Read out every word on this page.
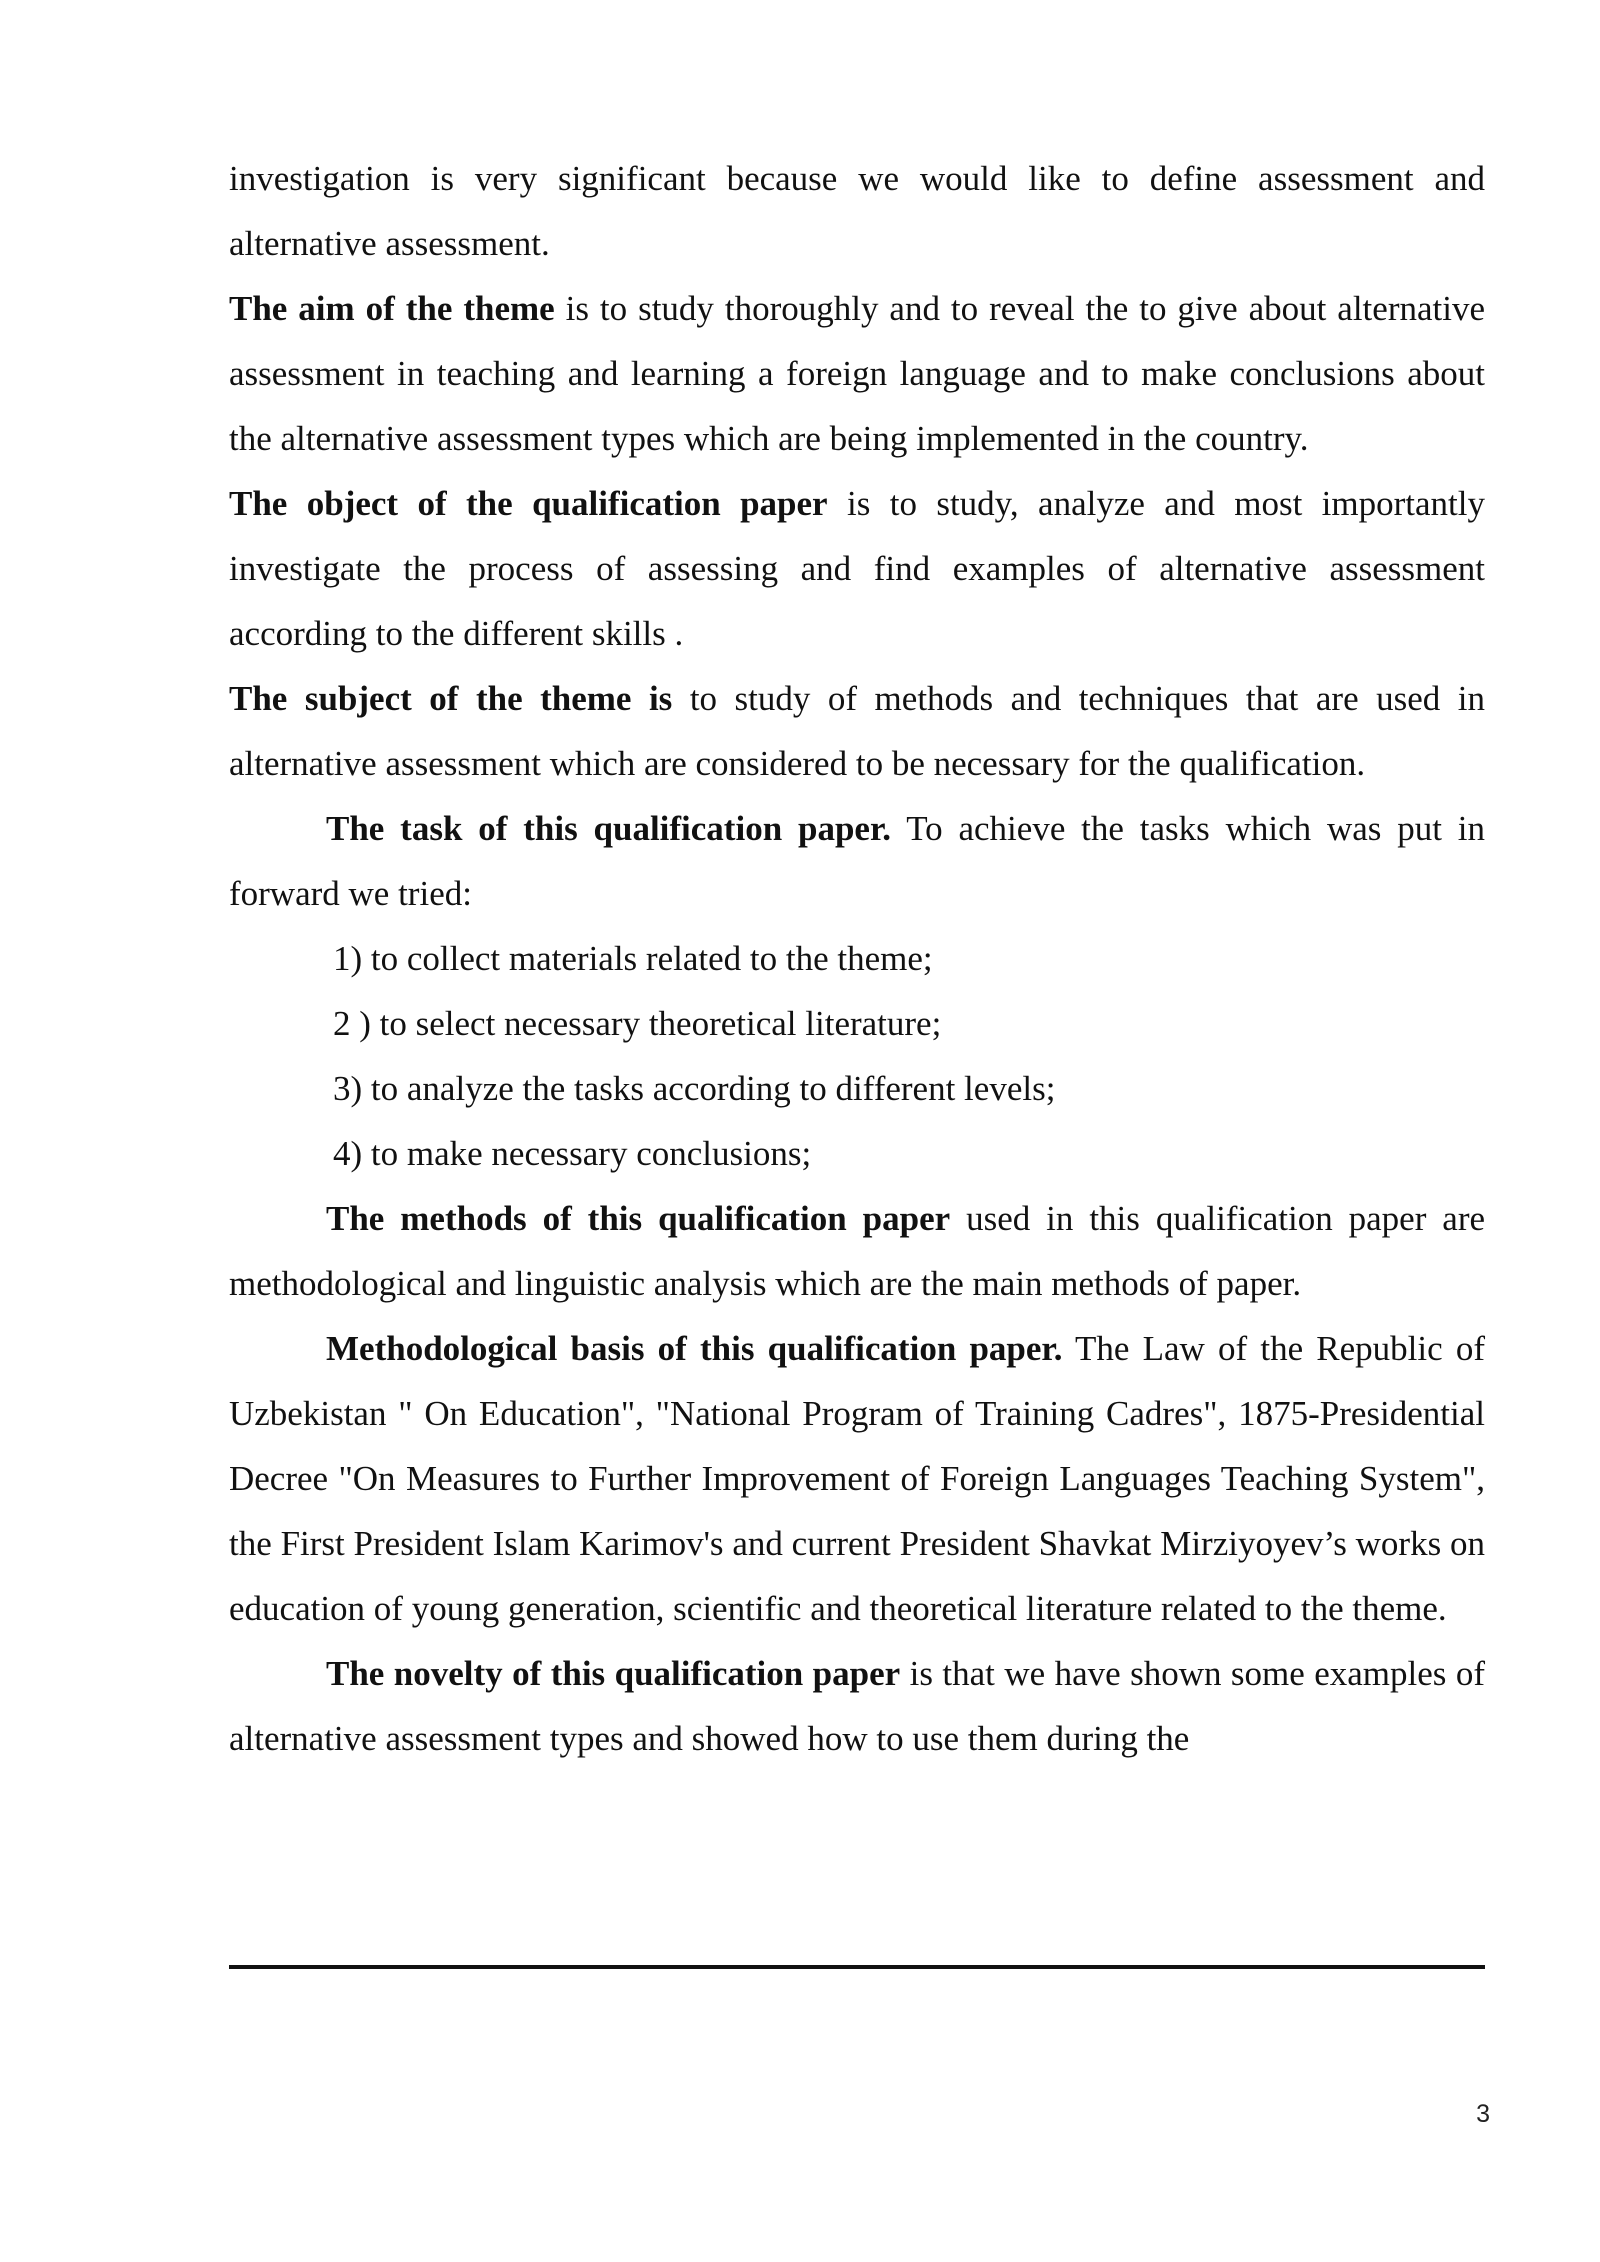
investigation is very significant because we would like to define assessment and alternative assessment.

The aim of the theme is to study thoroughly and to reveal the to give about alternative assessment in teaching and learning a foreign language and to make conclusions about the alternative assessment types which are being implemented in the country.

The object of the qualification paper is to study, analyze and most importantly investigate the process of assessing and find examples of alternative assessment according to the different skills .

The subject of the theme is to study of methods and techniques that are used in alternative assessment which are considered to be necessary for the qualification.

The task of this qualification paper. To achieve the tasks which was put in forward we tried:

1) to collect materials related to the theme;

2 ) to select necessary theoretical literature;

3) to analyze the tasks according to different levels;

4) to make necessary conclusions;

The methods of this qualification paper used in this qualification paper are methodological and linguistic analysis which are the main methods of paper.

Methodological basis of this qualification paper. The Law of the Republic of Uzbekistan " On Education", "National Program of Training Cadres", 1875-Presidential Decree "On Measures to Further Improvement of Foreign Languages Teaching System", the First President Islam Karimov's and current President Shavkat Mirziyoyev’s works on education of young generation, scientific and theoretical literature related to the theme.

The novelty of this qualification paper is that we have shown some examples of alternative assessment types and showed how to use them during the

3
